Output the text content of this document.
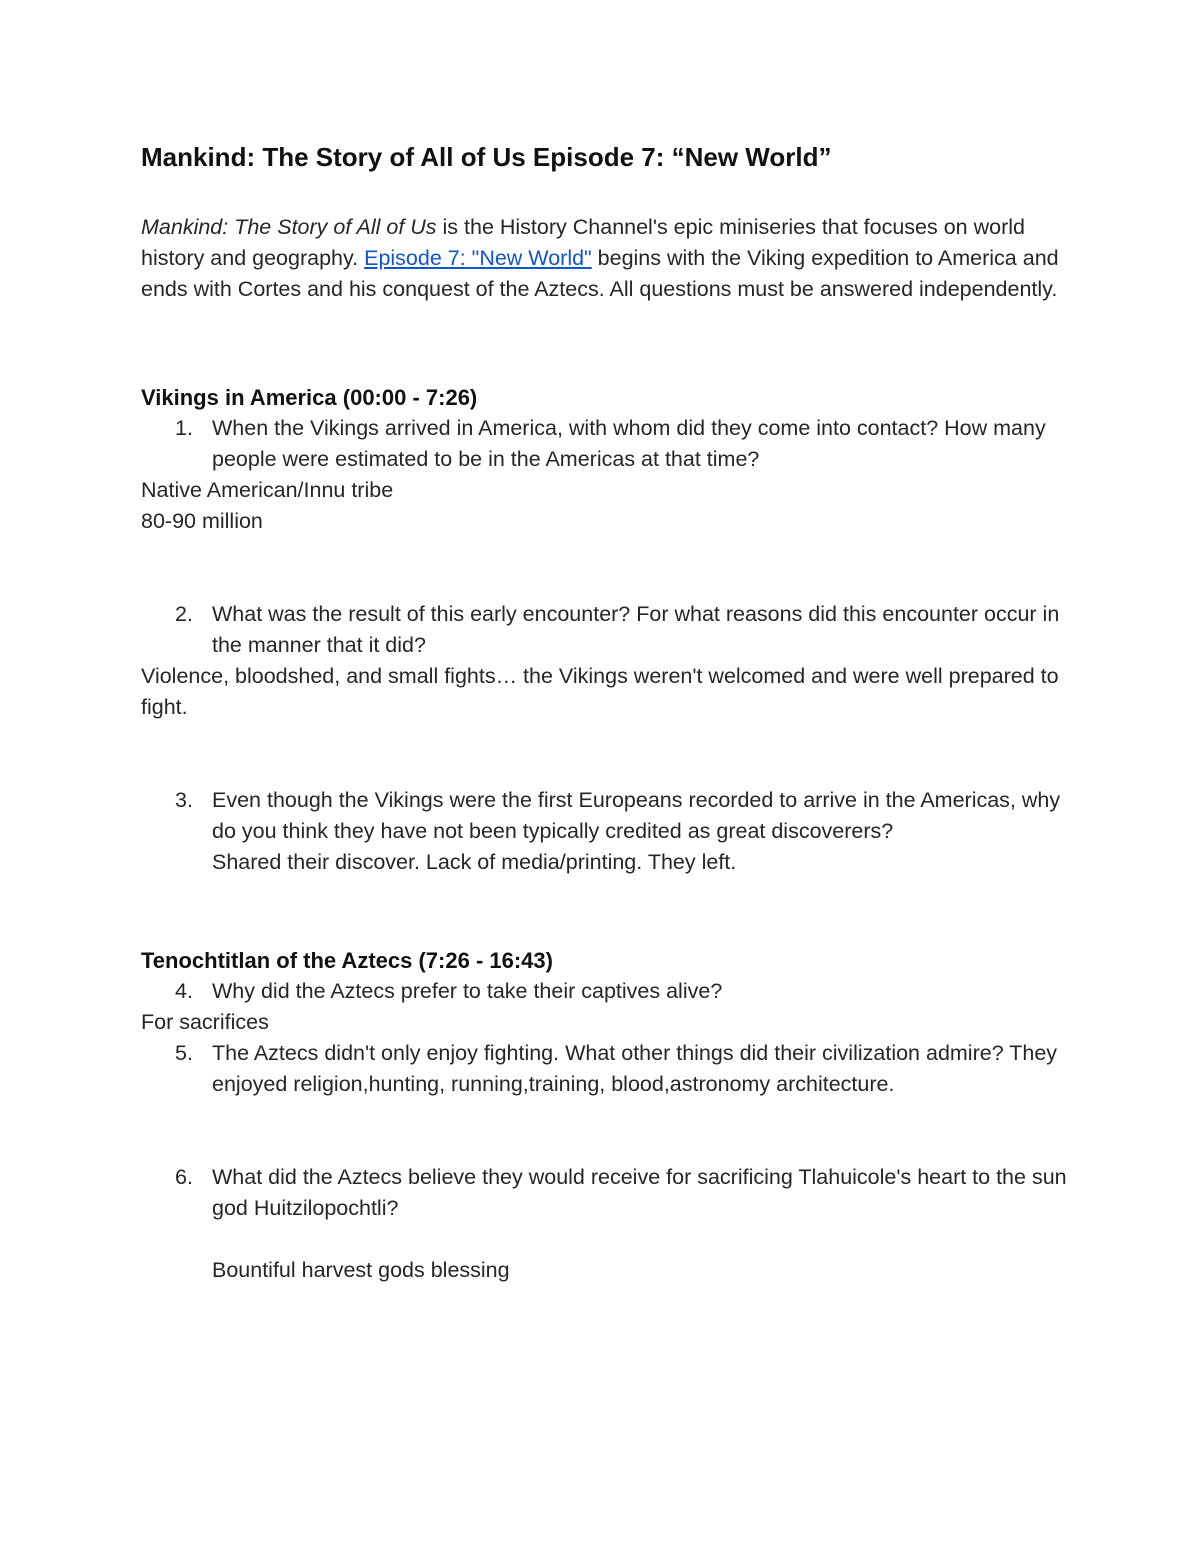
Mankind: The Story of All of Us Episode 7: “New World”
Mankind: The Story of All of Us is the History Channel's epic miniseries that focuses on world history and geography. Episode 7: "New World" begins with the Viking expedition to America and ends with Cortes and his conquest of the Aztecs. All questions must be answered independently.
Vikings in America (00:00 - 7:26)
1. When the Vikings arrived in America, with whom did they come into contact? How many people were estimated to be in the Americas at that time?
Native American/Innu tribe
80-90 million
2. What was the result of this early encounter? For what reasons did this encounter occur in the manner that it did?
Violence, bloodshed, and small fights… the Vikings weren't welcomed and were well prepared to fight.
3. Even though the Vikings were the first Europeans recorded to arrive in the Americas, why do you think they have not been typically credited as great discoverers?
Shared their discover. Lack of media/printing. They left.
Tenochtitlan of the Aztecs (7:26 - 16:43)
4. Why did the Aztecs prefer to take their captives alive?
For sacrifices
5. The Aztecs didn't only enjoy fighting. What other things did their civilization admire? They enjoyed religion,hunting, running,training, blood,astronomy architecture.
6. What did the Aztecs believe they would receive for sacrificing Tlahuicole's heart to the sun god Huitzilopochtli?
Bountiful harvest gods blessing
